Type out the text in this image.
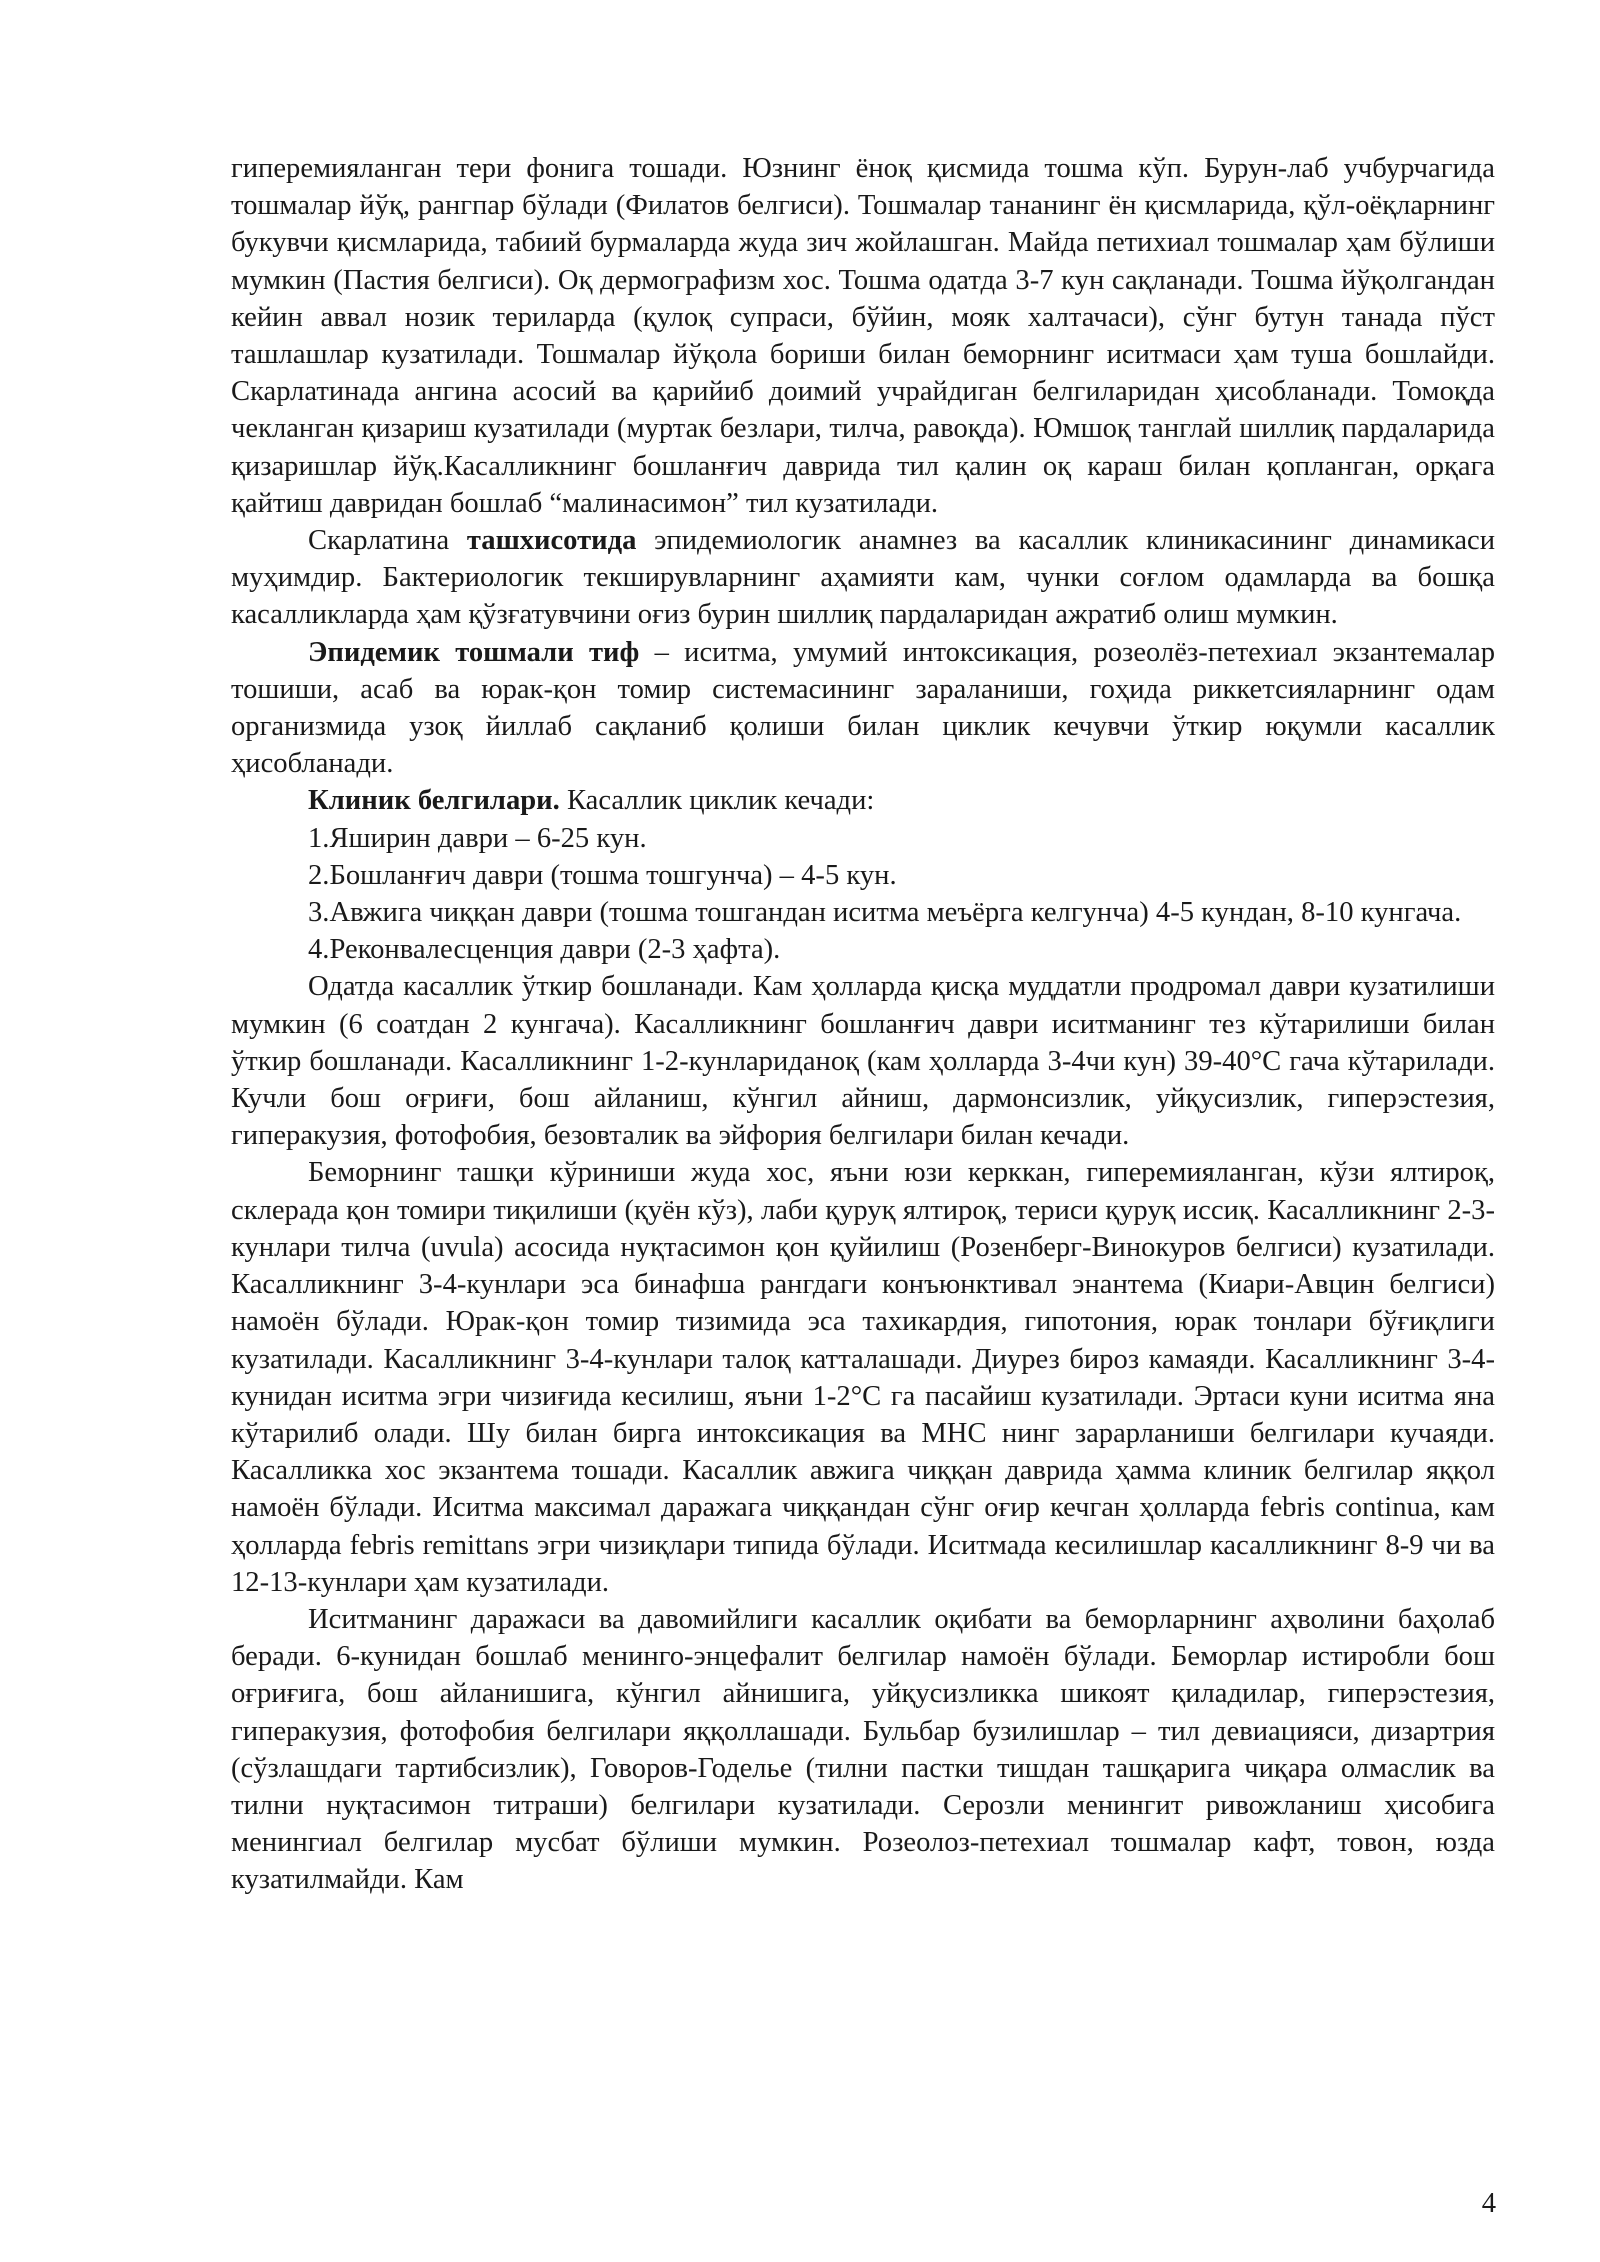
гиперемияланган тери фонига тошади. Юзнинг ёноқ қисмида тошма кўп. Бурун-лаб учбурчагида тошмалар йўқ, рангпар бўлади (Филатов белгиси). Тошмалар тананинг ён қисмларида, қўл-оёқларнинг букувчи қисмларида, табиий бурмаларда жуда зич жойлашган. Майда петихиал тошмалар ҳам бўлиши мумкин (Пастия белгиси). Оқ дермографизм хос. Тошма одатда 3-7 кун сақланади. Тошма йўқолгандан кейин аввал нозик териларда (қулоқ супраси, бўйин, мояк халтачаси), сўнг бутун танада пўст ташлашлар кузатилади. Тошмалар йўқола бориши билан беморнинг иситмаси ҳам туша бошлайди. Скарлатинада ангина асосий ва қарийиб доимий учрайдиган белгиларидан ҳисобланади. Томоқда чекланган қизариш кузатилади (муртак безлари, тилча, равоқда). Юмшоқ танглай шиллиқ пардаларида қизаришлар йўқ.Касалликнинг бошланғич даврида тил қалин оқ караш билан қопланган, орқага қайтиш давридан бошлаб “малинасимон” тил кузатилади.

Скарлатина ташхисотида эпидемиологик анамнез ва касаллик клиникасининг динамикаси муҳимдир. Бактериологик текширувларнинг аҳамияти кам, чунки соғлом одамларда ва бошқа касалликларда ҳам қўзғатувчини оғиз бурин шиллиқ пардаларидан ажратиб олиш мумкин.

Эпидемик тошмали тиф – иситма, умумий интоксикация, розеолёз-петехиал экзантемалар тошиши, асаб ва юрак-қон томир системасининг зараланиши, гоҳида риккетсияларнинг одам организмида узоқ йиллаб сақланиб қолиши билан циклик кечувчи ўткир юқумли касаллик ҳисобланади.

Клиник белгилари. Касаллик циклик кечади:

1.Яширин даври – 6-25 кун.

2.Бошланғич даври (тошма тошгунча) – 4-5 кун.

3.Авжига чиққан даври (тошма тошгандан иситма меъёрга келгунча) 4-5 кундан, 8-10 кунгача.

4.Реконвалесценция даври (2-3 ҳафта).

Одатда касаллик ўткир бошланади. Кам ҳолларда қисқа муддатли продромал даври кузатилиши мумкин (6 соатдан 2 кунгача). Касалликнинг бошланғич даври иситманинг тез кўтарилиши билан ўткир бошланади. Касалликнинг 1-2-кунлариданоқ (кам ҳолларда 3-4чи кун) 39-40°С гача кўтарилади. Кучли бош оғриғи, бош айланиш, кўнгил айниш, дармонсизлик, уйқусизлик, гиперэстезия, гиперакузия, фотофобия, безовталик ва эйфория белгилари билан кечади.

Беморнинг ташқи кўриниши жуда хос, яъни юзи керккан, гиперемияланган, кўзи ялтироқ, склерада қон томири тиқилиши (қуён кўз), лаби қуруқ ялтироқ, териси қуруқ иссиқ. Касалликнинг 2-3-кунлари тилча (uvula) асосида нуқтасимон қон қуйилиш (Розенберг-Винокуров белгиси) кузатилади. Касалликнинг 3-4-кунлари эса бинафша рангдаги конъюнктивал энантема (Киари-Авцин белгиси) намоён бўлади. Юрак-қон томир тизимида эса тахикардия, гипотония, юрак тонлари бўғиқлиги кузатилади. Касалликнинг 3-4-кунлари талоқ катталашади. Диурез бироз камаяди. Касалликнинг 3-4-кунидан иситма эгри чизиғида кесилиш, яъни 1-2°С га пасайиш кузатилади. Эртаси куни иситма яна кўтарилиб олади. Шу билан бирга интоксикация ва МНС нинг зарарланиши белгилари кучаяди. Касалликка хос экзантема тошади. Касаллик авжига чиққан даврида ҳамма клиник белгилар яққол намоён бўлади. Иситма максимал даражага чиққандан сўнг оғир кечган ҳолларда febris continua, кам ҳолларда febris remittans эгри чизиқлари типида бўлади. Иситмада кесилишлар касалликнинг 8-9 чи ва 12-13-кунлари ҳам кузатилади.

Иситманинг даражаси ва давомийлиги касаллик оқибати ва беморларнинг аҳволини баҳолаб беради. 6-кунидан бошлаб менинго-энцефалит белгилар намоён бўлади. Беморлар истиробли бош оғриғига, бош айланишига, кўнгил айнишига, уйқусизликка шикоят қиладилар, гиперэстезия, гиперакузия, фотофобия белгилари яққоллашади. Бульбар бузилишлар – тил девиацияси, дизартрия (сўзлашдаги тартибсизлик), Говоров-Годелье (тилни пастки тишдан ташқарига чиқара олмаслик ва тилни нуқтасимон титраши) белгилари кузатилади. Серозли менингит ривожланиш ҳисобига менингиал белгилар мусбат бўлиши мумкин. Розеолоз-петехиал тошмалар кафт, товон, юзда кузатилмайди. Кам

4
